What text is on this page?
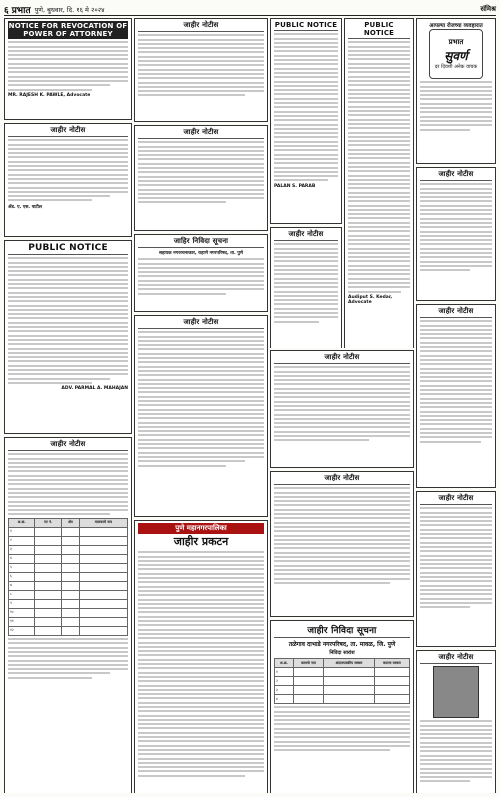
६ प्रभात पुणे, बुधवार, दि. १६ मे २०२४	संमिश्र
NOTICE FOR REVOCATION OF POWER OF ATTORNEY
MR. RAJESH K. PAWLE, Advocate
जाहीर नोटीस
ॲड. ए. एस. पाटील
PUBLIC NOTICE
ADV. PARMAL A. MAHAJAN
जाहीर नोटीस
अ.क्र.	गट नं.	क्षेत्र	मालकाचे नाव
१			
२			
३			
४			
५			
६			
७			
८			
९			
१०			
११			
१२			
जाहीर नोटीस
जाहीर नोटीस
जाहिर निविदा सूचना
सहायक नगररचनाकार, राहाणे नगरपरिषद, ता. पुणे
जाहीर नोटीस
पुणे महानगरपालिका
जाहीर प्रकटन
PUBLIC NOTICE
PALAN S. PARAB
जाहीर नोटीस
PUBLIC NOTICE
Audiput S. Kedar, Advocate
जाहीर नोटीस
जाहीर नोटीस
जाहीर निविदा सूचना
तळेगाव दाभाडे नगरपरिषद, ता. मावळ, जि. पुणे
निविदा सारांश
अ.क्र.	कामाचे नाव	अंदाजपत्रकीय रक्कम	बयाणा रक्कम
१			
२			
३			
४			
आपल्या रोजच्या व्यवहारात
प्रभात
सुवर्ण
दर दिवशी अनेक वाचक
जाहीर नोटीस
जाहीर नोटीस
जाहीर नोटीस
जाहीर नोटीस
